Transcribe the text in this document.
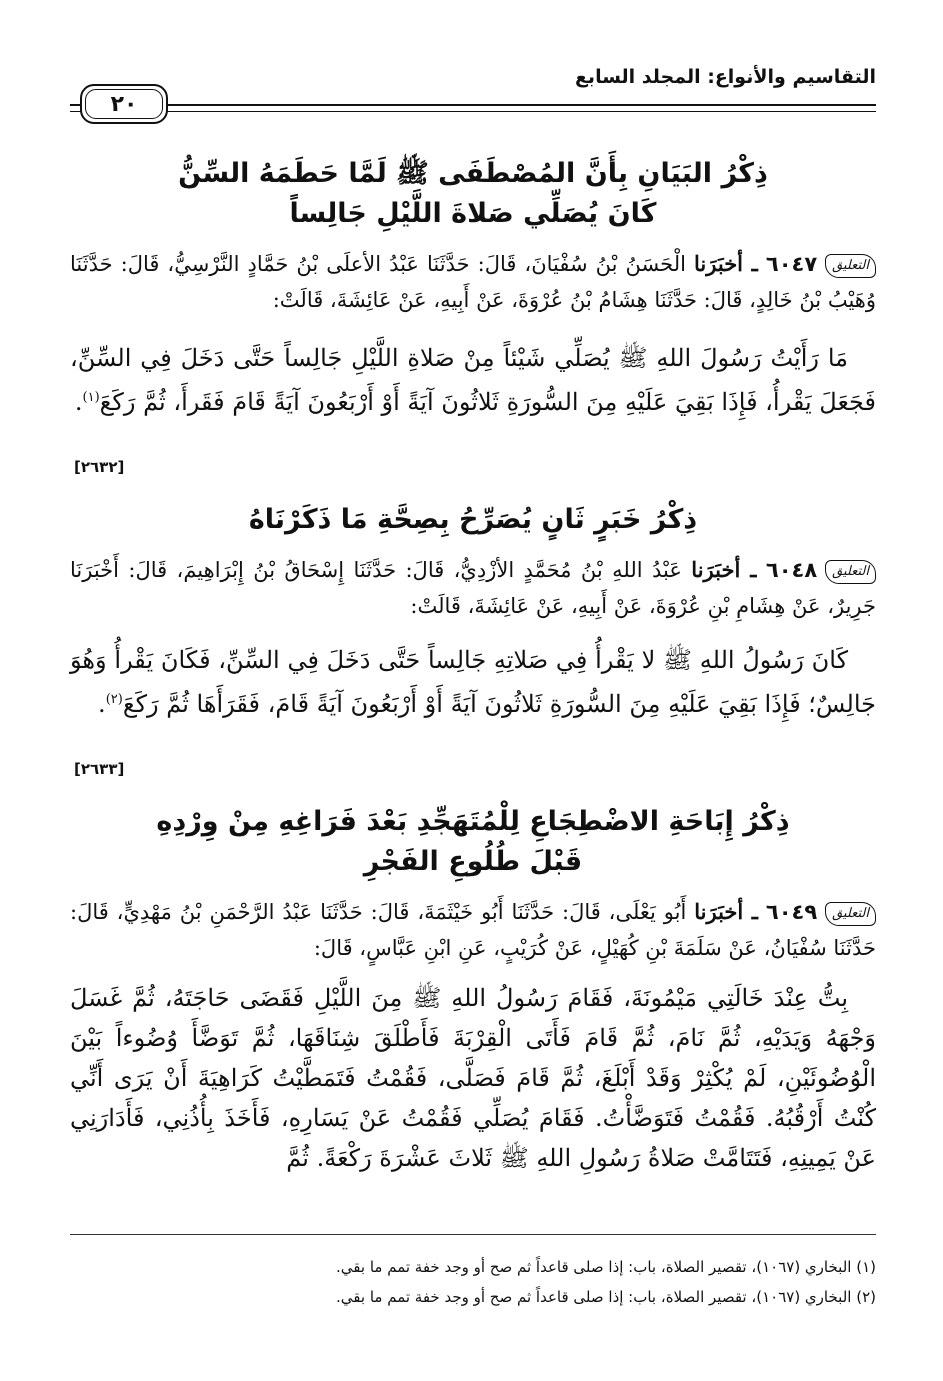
التقاسيم والأنواع: المجلد السابع
٢٠
ذِكْرُ البَيَانِ بِأَنَّ المُصْطَفَى ﷺ لَمَّا حَطَمَهُ السِّنُّ
كَانَ يُصَلِّي صَلاةَ اللَّيْلِ جَالِساً
التعليق٦٠٤٧ ـ أخبَرَنا الْحَسَنُ بْنُ سُفْيَانَ، قَالَ: حَدَّثَنَا عَبْدُ الأعلَى بْنُ حَمَّادٍ النَّرْسِيُّ، قَالَ: حَدَّثَنَا وُهَيْبُ بْنُ خَالِدٍ، قَالَ: حَدَّثَنَا هِشَامُ بْنُ عُرْوَةَ، عَنْ أَبِيهِ، عَنْ عَائِشَةَ، قَالَتْ:
مَا رَأَيْتُ رَسُولَ اللهِ ﷺ يُصَلِّي شَيْئاً مِنْ صَلاةِ اللَّيْلِ جَالِساً حَتَّى دَخَلَ فِي السِّنِّ، فَجَعَلَ يَقْرأُ، فَإِذَا بَقِيَ عَلَيْهِ مِنَ السُّورَةِ ثَلاثُونَ آيَةً أَوْ أَرْبَعُونَ آيَةً قَامَ فَقَرأَ، ثُمَّ رَكَعَ$^{(١)}$.
[٢٦٣٢]
ذِكْرُ خَبَرٍ ثَانٍ يُصَرِّحُ بِصِحَّةِ مَا ذَكَرْنَاهُ
التعليق٦٠٤٨ ـ أخبَرَنا عَبْدُ اللهِ بْنُ مُحَمَّدٍ الأزْدِيُّ، قَالَ: حَدَّثَنَا إِسْحَاقُ بْنُ إِبْرَاهِيمَ، قَالَ: أَخْبَرَنَا جَرِيرٌ، عَنْ هِشَامِ بْنِ عُرْوَةَ، عَنْ أَبِيهِ، عَنْ عَائِشَةَ، قَالَتْ:
كَانَ رَسُولُ اللهِ ﷺ لا يَقْرأُ فِي صَلاتِهِ جَالِساً حَتَّى دَخَلَ فِي السِّنِّ، فَكَانَ يَقْرأُ وَهُوَ جَالِسٌ؛ فَإِذَا بَقِيَ عَلَيْهِ مِنَ السُّورَةِ ثَلاثُونَ آيَةً أَوْ أَرْبَعُونَ آيَةً قَامَ، فَقَرَأَهَا ثُمَّ رَكَعَ$^{(٢)}$.
[٢٦٣٣]
ذِكْرُ إِبَاحَةِ الاضْطِجَاعِ لِلْمُتَهَجِّدِ بَعْدَ فَرَاغِهِ مِنْ وِرْدِهِ
قَبْلَ طُلُوعِ الفَجْرِ
التعليق٦٠٤٩ ـ أخبَرَنا أَبُو يَعْلَى، قَالَ: حَدَّثَنَا أَبُو خَيْثَمَةَ، قَالَ: حَدَّثَنَا عَبْدُ الرَّحْمَنِ بْنُ مَهْدِيٍّ، قَالَ: حَدَّثَنَا سُفْيَانُ، عَنْ سَلَمَةَ بْنِ كُهَيْلٍ، عَنْ كُرَيْبٍ، عَنِ ابْنِ عَبَّاسٍ، قَالَ:
بِتُّ عِنْدَ خَالَتِي مَيْمُونَةَ، فَقَامَ رَسُولُ اللهِ ﷺ مِنَ اللَّيْلِ فَقَضَى حَاجَتَهُ، ثُمَّ غَسَلَ وَجْهَهُ وَيَدَيْهِ، ثُمَّ نَامَ، ثُمَّ قَامَ فَأَتَى الْقِرْبَةَ فَأَطْلَقَ شِنَاقَهَا، ثُمَّ تَوَضَّأَ وُضُوءاً بَيْنَ الْوُضُوئَيْنِ، لَمْ يُكْثِرْ وَقَدْ أَبْلَغَ، ثُمَّ قَامَ فَصَلَّى، فَقُمْتُ فَتَمَطَّيْتُ كَرَاهِيَةَ أَنْ يَرَى أَنِّي كُنْتُ أَرْقُبُهُ. فَقُمْتُ فَتَوَضَّأْتُ. فَقَامَ يُصَلِّي فَقُمْتُ عَنْ يَسَارِهِ، فَأَخَذَ بِأُذُنِي، فَأَدَارَنِي عَنْ يَمِينِهِ، فَتَتَامَّتْ صَلاةُ رَسُولِ اللهِ ﷺ ثَلاثَ عَشْرَةَ رَكْعَةً. ثُمَّ
(١) البخاري (١٠٦٧)، تقصير الصلاة، باب: إذا صلى قاعداً ثم صح أو وجد خفة تمم ما بقي.
(٢) البخاري (١٠٦٧)، تقصير الصلاة، باب: إذا صلى قاعداً ثم صح أو وجد خفة تمم ما بقي.
